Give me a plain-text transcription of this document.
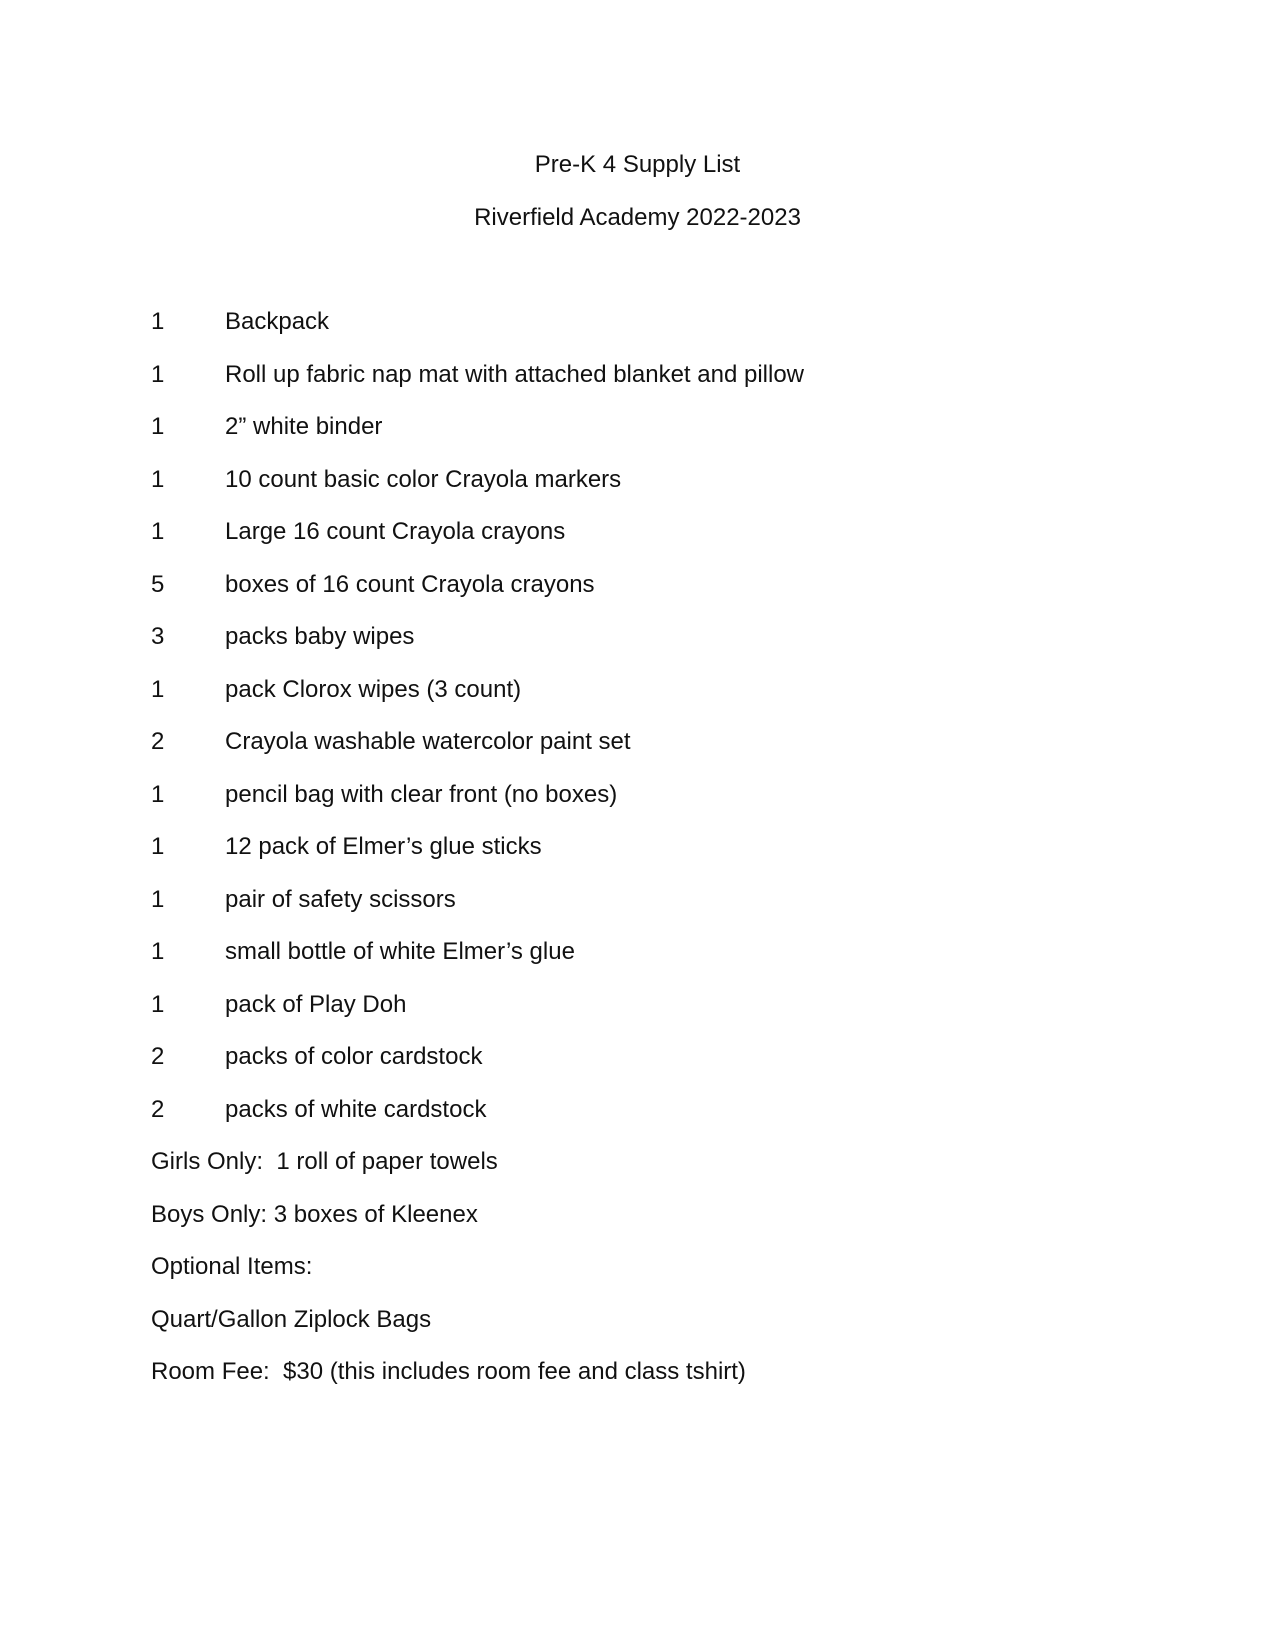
Pre-K 4 Supply List
Riverfield Academy 2022-2023
1	Backpack
1	Roll up fabric nap mat with attached blanket and pillow
1	2” white binder
1	10 count basic color Crayola markers
1	Large 16 count Crayola crayons
5	boxes of 16 count Crayola crayons
3	packs baby wipes
1	pack Clorox wipes (3 count)
2	Crayola washable watercolor paint set
1	pencil bag with clear front (no boxes)
1	12 pack of Elmer’s glue sticks
1	pair of safety scissors
1	small bottle of white Elmer’s glue
1	pack of Play Doh
2	packs of color cardstock
2	packs of white cardstock
Girls Only:  1 roll of paper towels
Boys Only: 3 boxes of Kleenex
Optional Items:
Quart/Gallon Ziplock Bags
Room Fee:  $30 (this includes room fee and class tshirt)
